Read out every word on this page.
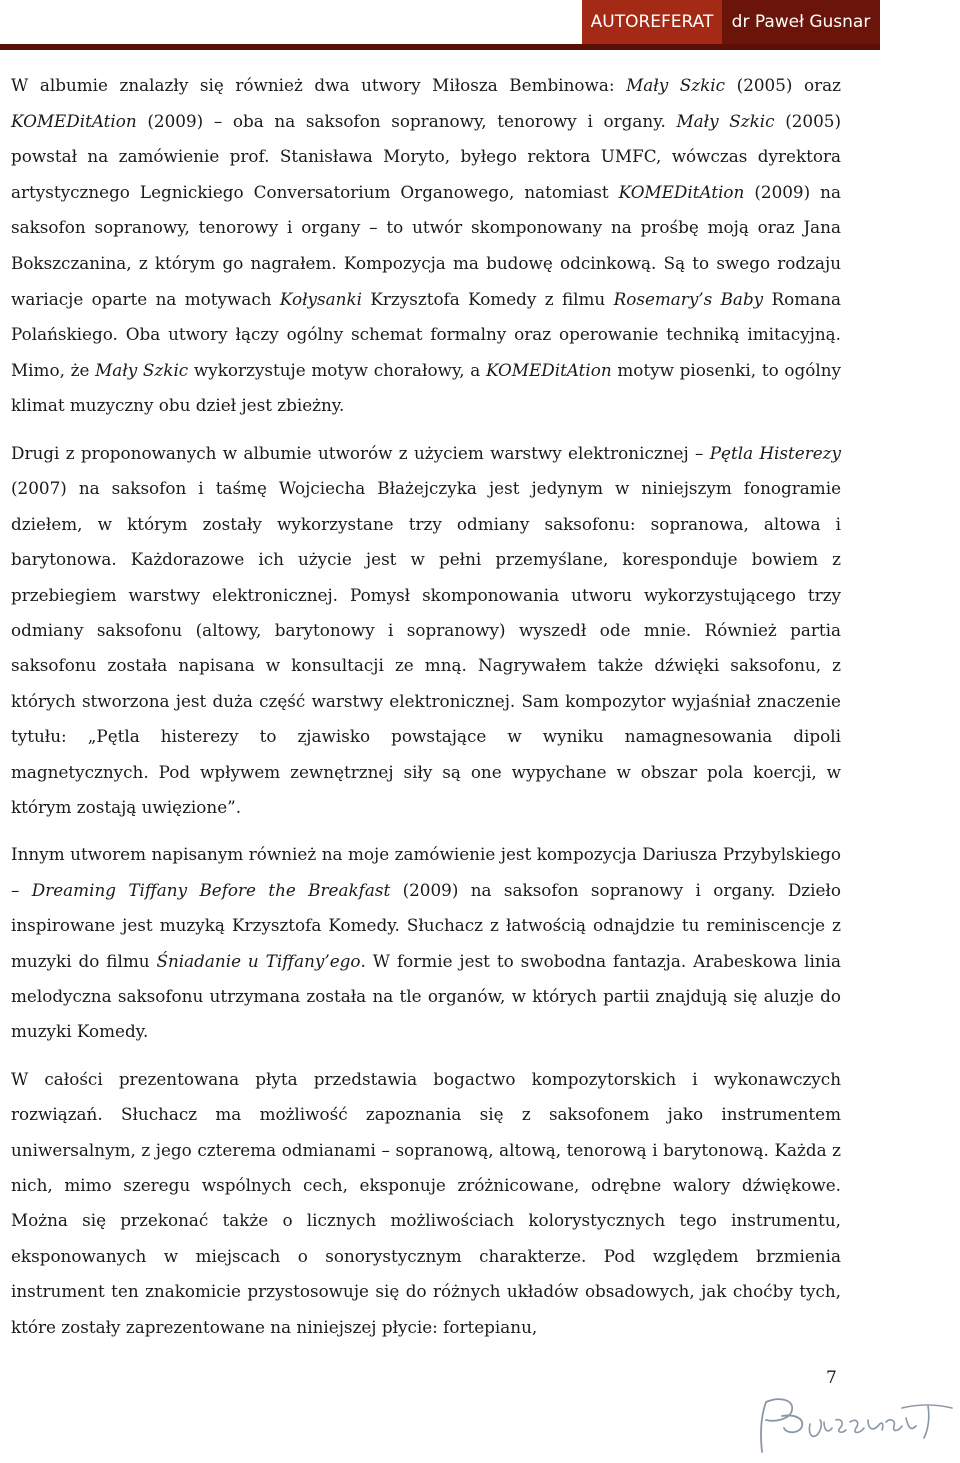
AUTOREFERAT	dr Paweł Gusnar

W albumie znalazły się również dwa utwory Miłosza Bembinowa: Mały Szkic (2005) oraz KOMEDitAtion (2009) – oba na saksofon sopranowy, tenorowy i organy. Mały Szkic (2005) powstał na zamówienie prof. Stanisława Moryto, byłego rektora UMFC, wówczas dyrektora artystycznego Legnickiego Conversatorium Organowego, natomiast KOMEDitAtion (2009) na saksofon sopranowy, tenorowy i organy – to utwór skomponowany na prośbę moją oraz Jana Bokszczanina, z którym go nagrałem. Kompozycja ma budowę odcinkową. Są to swego rodzaju wariacje oparte na motywach Kołysanki Krzysztofa Komedy z filmu Rosemary’s Baby Romana Polańskiego. Oba utwory łączy ogólny schemat formalny oraz operowanie techniką imitacyjną. Mimo, że Mały Szkic wykorzystuje motyw chorałowy, a KOMEDitAtion motyw piosenki, to ogólny klimat muzyczny obu dzieł jest zbieżny.

Drugi z proponowanych w albumie utworów z użyciem warstwy elektronicznej – Pętla Histerezy (2007) na saksofon i taśmę Wojciecha Błażejczyka jest jedynym w niniejszym fonogramie dziełem, w którym zostały wykorzystane trzy odmiany saksofonu: sopranowa, altowa i barytonowa. Każdorazowe ich użycie jest w pełni przemyślane, koresponduje bowiem z przebiegiem warstwy elektronicznej. Pomysł skomponowania utworu wykorzystującego trzy odmiany saksofonu (altowy, barytonowy i sopranowy) wyszedł ode mnie. Również partia saksofonu została napisana w konsultacji ze mną. Nagrywałem także dźwięki saksofonu, z których stworzona jest duża część warstwy elektronicznej. Sam kompozytor wyjaśniał znaczenie tytułu: „Pętla histerezy to zjawisko powstające w wyniku namagnesowania dipoli magnetycznych. Pod wpływem zewnętrznej siły są one wypychane w obszar pola koercji, w którym zostają uwięzione”.

Innym utworem napisanym również na moje zamówienie jest kompozycja Dariusza Przybylskiego – Dreaming Tiffany Before the Breakfast (2009) na saksofon sopranowy i organy. Dzieło inspirowane jest muzyką Krzysztofa Komedy. Słuchacz z łatwością odnajdzie tu reminiscencje z muzyki do filmu Śniadanie u Tiffany’ego. W formie jest to swobodna fantazja. Arabeskowa linia melodyczna saksofonu utrzymana została na tle organów, w których partii znajdują się aluzje do muzyki Komedy.

W całości prezentowana płyta przedstawia bogactwo kompozytorskich i wykonawczych rozwiązań. Słuchacz ma możliwość zapoznania się z saksofonem jako instrumentem uniwersalnym, z jego czterema odmianami – sopranową, altową, tenorową i barytonową. Każda z nich, mimo szeregu wspólnych cech, eksponuje zróżnicowane, odrębne walory dźwiękowe. Można się przekonać także o licznych możliwościach kolorystycznych tego instrumentu, eksponowanych w miejscach o sonorystycznym charakterze. Pod względem brzmienia instrument ten znakomicie przystosowuje się do różnych układów obsadowych, jak choćby tych, które zostały zaprezentowane na niniejszej płycie: fortepianu,

7
